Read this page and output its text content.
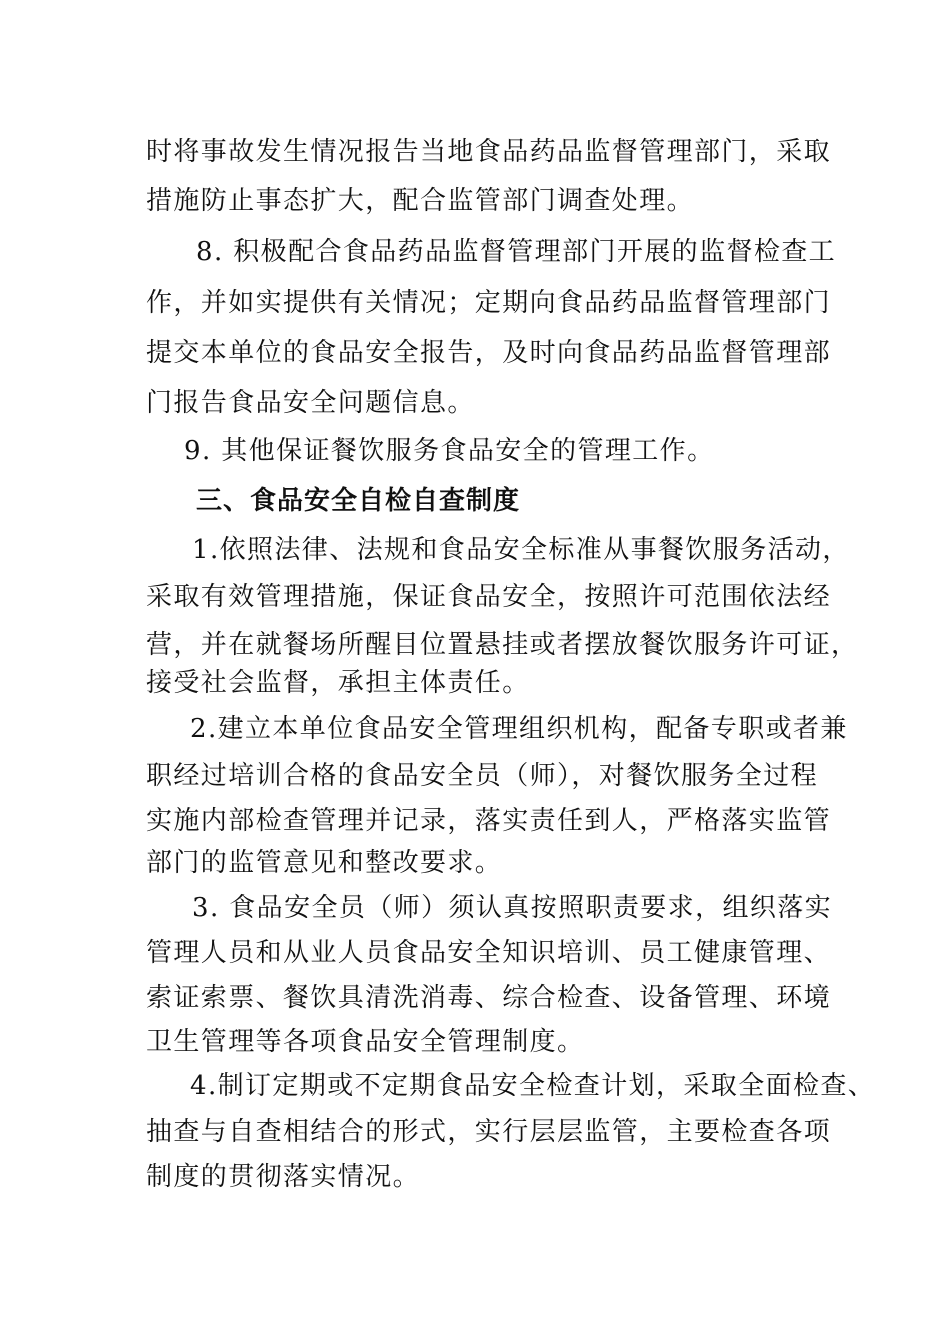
时将事故发生情况报告当地食品药品监督管理部门，采取
措施防止事态扩大，配合监管部门调查处理。
8. 积极配合食品药品监督管理部门开展的监督检查工
作，并如实提供有关情况；定期向食品药品监督管理部门
提交本单位的食品安全报告，及时向食品药品监督管理部
门报告食品安全问题信息。
9. 其他保证餐饮服务食品安全的管理工作。
三、食品安全自检自查制度
1.依照法律、法规和食品安全标准从事餐饮服务活动，
采取有效管理措施，保证食品安全，按照许可范围依法经
营，并在就餐场所醒目位置悬挂或者摆放餐饮服务许可证，
接受社会监督，承担主体责任。
2.建立本单位食品安全管理组织机构，配备专职或者兼
职经过培训合格的食品安全员（师），对餐饮服务全过程
实施内部检查管理并记录，落实责任到人，严格落实监管
部门的监管意见和整改要求。
3. 食品安全员（师）须认真按照职责要求，组织落实
管理人员和从业人员食品安全知识培训、员工健康管理、
索证索票、餐饮具清洗消毒、综合检查、设备管理、环境
卫生管理等各项食品安全管理制度。
4.制订定期或不定期食品安全检查计划，采取全面检查、
抽查与自查相结合的形式，实行层层监管，主要检查各项
制度的贯彻落实情况。
